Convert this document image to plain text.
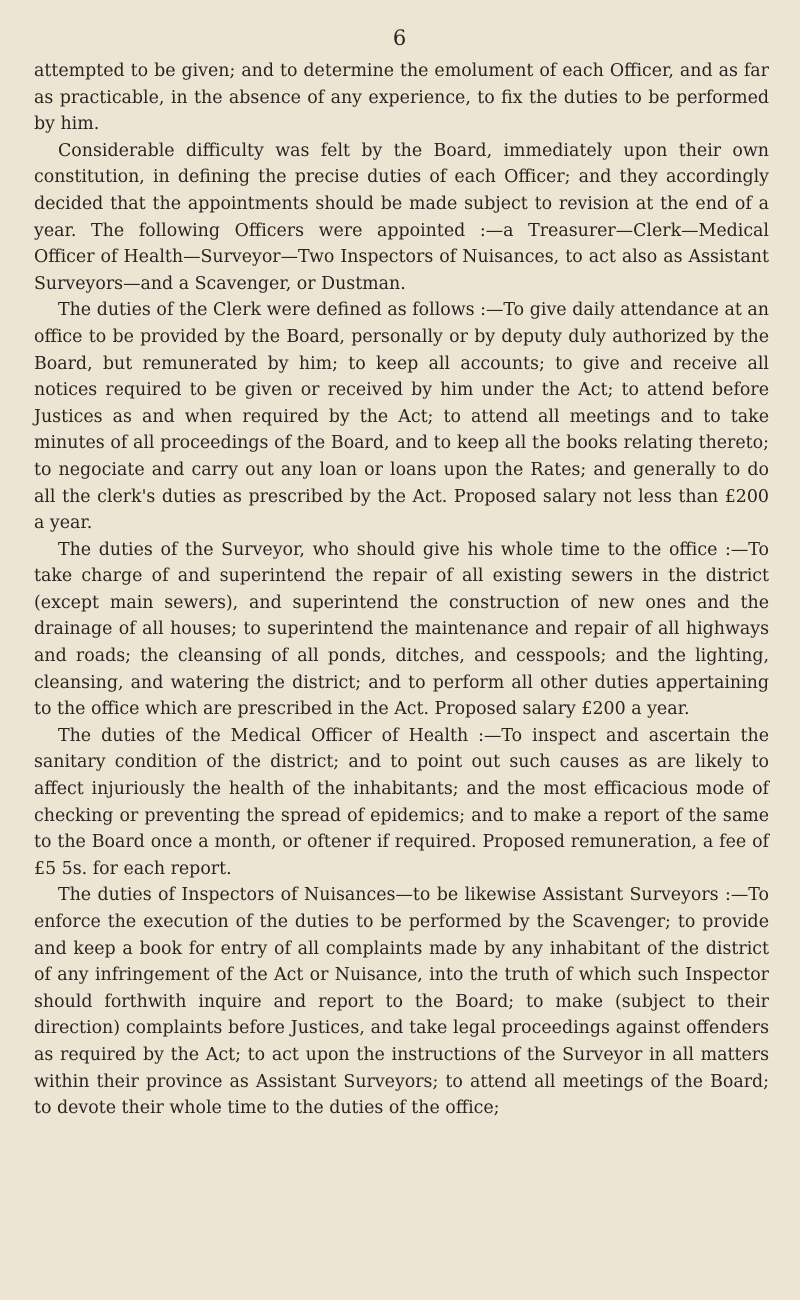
6

attempted to be given; and to determine the emolument of each Officer, and as far as practicable, in the absence of any experience, to fix the duties to be performed by him.

Considerable difficulty was felt by the Board, immediately upon their own constitution, in defining the precise duties of each Officer; and they accordingly decided that the appointments should be made subject to revision at the end of a year. The following Officers were appointed :—a Treasurer—Clerk—Medical Officer of Health—Surveyor—Two Inspectors of Nuisances, to act also as Assistant Surveyors—and a Scavenger, or Dustman.

The duties of the Clerk were defined as follows :—To give daily attendance at an office to be provided by the Board, personally or by deputy duly authorized by the Board, but remunerated by him; to keep all accounts; to give and receive all notices required to be given or received by him under the Act; to attend before Justices as and when required by the Act; to attend all meetings and to take minutes of all proceedings of the Board, and to keep all the books relating thereto; to negociate and carry out any loan or loans upon the Rates; and generally to do all the clerk's duties as prescribed by the Act. Proposed salary not less than £200 a year.

The duties of the Surveyor, who should give his whole time to the office :—To take charge of and superintend the repair of all existing sewers in the district (except main sewers), and superintend the construction of new ones and the drainage of all houses; to superintend the maintenance and repair of all highways and roads; the cleansing of all ponds, ditches, and cesspools; and the lighting, cleansing, and watering the district; and to perform all other duties appertaining to the office which are prescribed in the Act. Proposed salary £200 a year.

The duties of the Medical Officer of Health :—To inspect and ascertain the sanitary condition of the district; and to point out such causes as are likely to affect injuriously the health of the inhabitants; and the most efficacious mode of checking or preventing the spread of epidemics; and to make a report of the same to the Board once a month, or oftener if required. Proposed remuneration, a fee of £5 5s. for each report.

The duties of Inspectors of Nuisances—to be likewise Assistant Surveyors :—To enforce the execution of the duties to be performed by the Scavenger; to provide and keep a book for entry of all complaints made by any inhabitant of the district of any infringement of the Act or Nuisance, into the truth of which such Inspector should forthwith inquire and report to the Board; to make (subject to their direction) complaints before Justices, and take legal proceedings against offenders as required by the Act; to act upon the instructions of the Surveyor in all matters within their province as Assistant Surveyors; to attend all meetings of the Board; to devote their whole time to the duties of the office;
